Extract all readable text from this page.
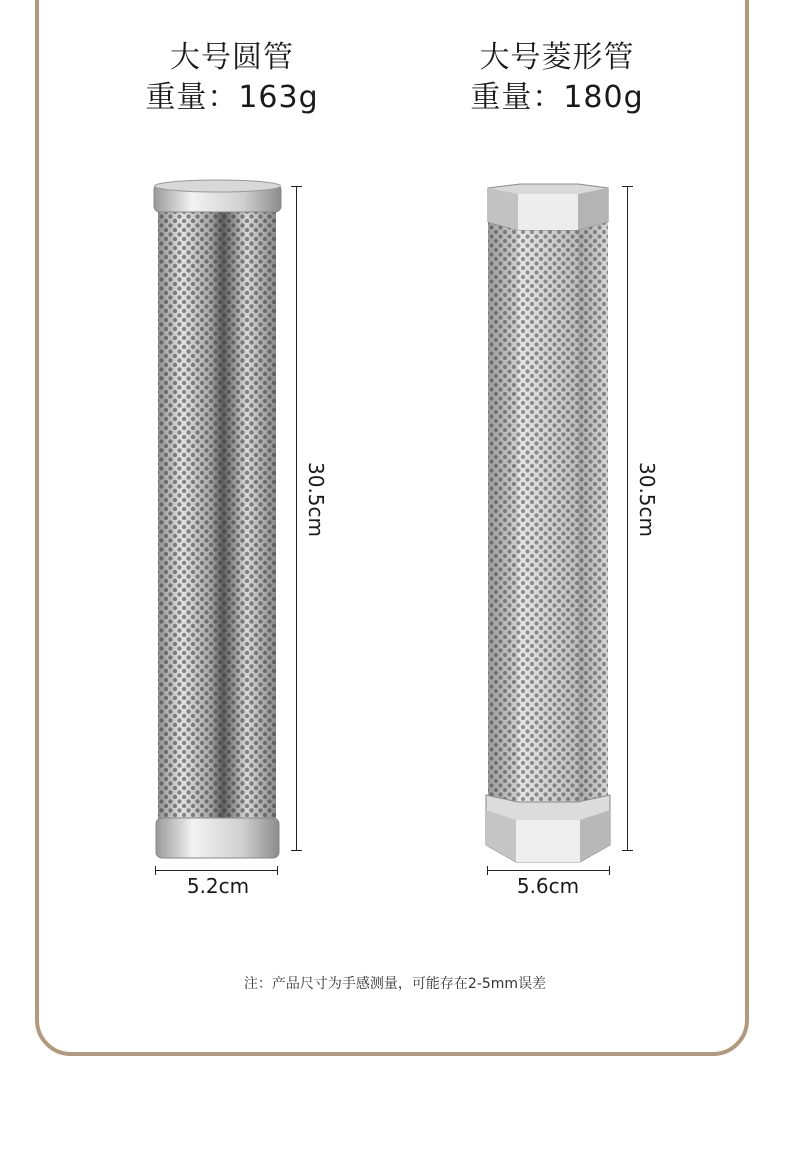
大号圆管
重量：163g
大号菱形管
重量：180g
30.5cm	30.5cm
5.2cm	5.6cm
注：产品尺寸为手感测量，可能存在2-5mm误差
